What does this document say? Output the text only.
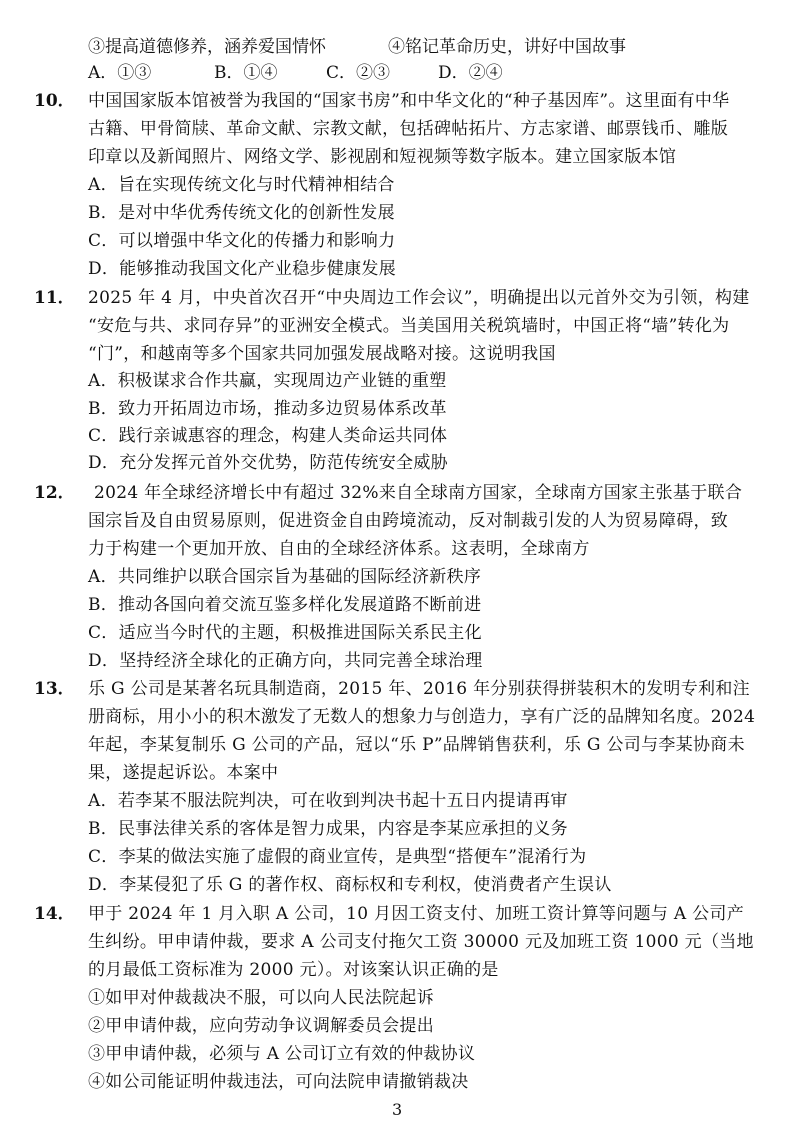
③提高道德修养，涵养爱国情怀	④铭记革命历史，讲好中国故事
A．①③	B．①④	C．②③	D．②④
10． 中国国家版本馆被誉为我国的“国家书房”和中华文化的“种子基因库”。这里面有中华
古籍、甲骨简牍、革命文献、宗教文献，包括碑帖拓片、方志家谱、邮票钱币、雕版
印章以及新闻照片、网络文学、影视剧和短视频等数字版本。建立国家版本馆
A．旨在实现传统文化与时代精神相结合
B．是对中华优秀传统文化的创新性发展
C．可以增强中华文化的传播力和影响力
D．能够推动我国文化产业稳步健康发展
11． 2025 年 4 月，中央首次召开“中央周边工作会议”，明确提出以元首外交为引领，构建
“安危与共、求同存异”的亚洲安全模式。当美国用关税筑墙时，中国正将“墙”转化为
“门”，和越南等多个国家共同加强发展战略对接。这说明我国
A．积极谋求合作共赢，实现周边产业链的重塑
B．致力开拓周边市场，推动多边贸易体系改革
C．践行亲诚惠容的理念，构建人类命运共同体
D．充分发挥元首外交优势，防范传统安全威胁
12． 2024 年全球经济增长中有超过 32%来自全球南方国家，全球南方国家主张基于联合
国宗旨及自由贸易原则，促进资金自由跨境流动，反对制裁引发的人为贸易障碍，致
力于构建一个更加开放、自由的全球经济体系。这表明，全球南方
A．共同维护以联合国宗旨为基础的国际经济新秩序
B．推动各国向着交流互鉴多样化发展道路不断前进
C．适应当今时代的主题，积极推进国际关系民主化
D．坚持经济全球化的正确方向，共同完善全球治理
13． 乐 G 公司是某著名玩具制造商，2015 年、2016 年分别获得拼装积木的发明专利和注
册商标，用小小的积木激发了无数人的想象力与创造力，享有广泛的品牌知名度。2024
年起，李某复制乐 G 公司的产品，冠以“乐 P”品牌销售获利，乐 G 公司与李某协商未
果，遂提起诉讼。本案中
A．若李某不服法院判决，可在收到判决书起十五日内提请再审
B．民事法律关系的客体是智力成果，内容是李某应承担的义务
C．李某的做法实施了虚假的商业宣传，是典型“搭便车”混淆行为
D．李某侵犯了乐 G 的著作权、商标权和专利权，使消费者产生误认
14． 甲于 2024 年 1 月入职 A 公司，10 月因工资支付、加班工资计算等问题与 A 公司产
生纠纷。甲申请仲裁，要求 A 公司支付拖欠工资 30000 元及加班工资 1000 元（当地
的月最低工资标准为 2000 元）。对该案认识正确的是
①如甲对仲裁裁决不服，可以向人民法院起诉
②甲申请仲裁，应向劳动争议调解委员会提出
③甲申请仲裁，必须与 A 公司订立有效的仲裁协议
④如公司能证明仲裁违法，可向法院申请撤销裁决
3
